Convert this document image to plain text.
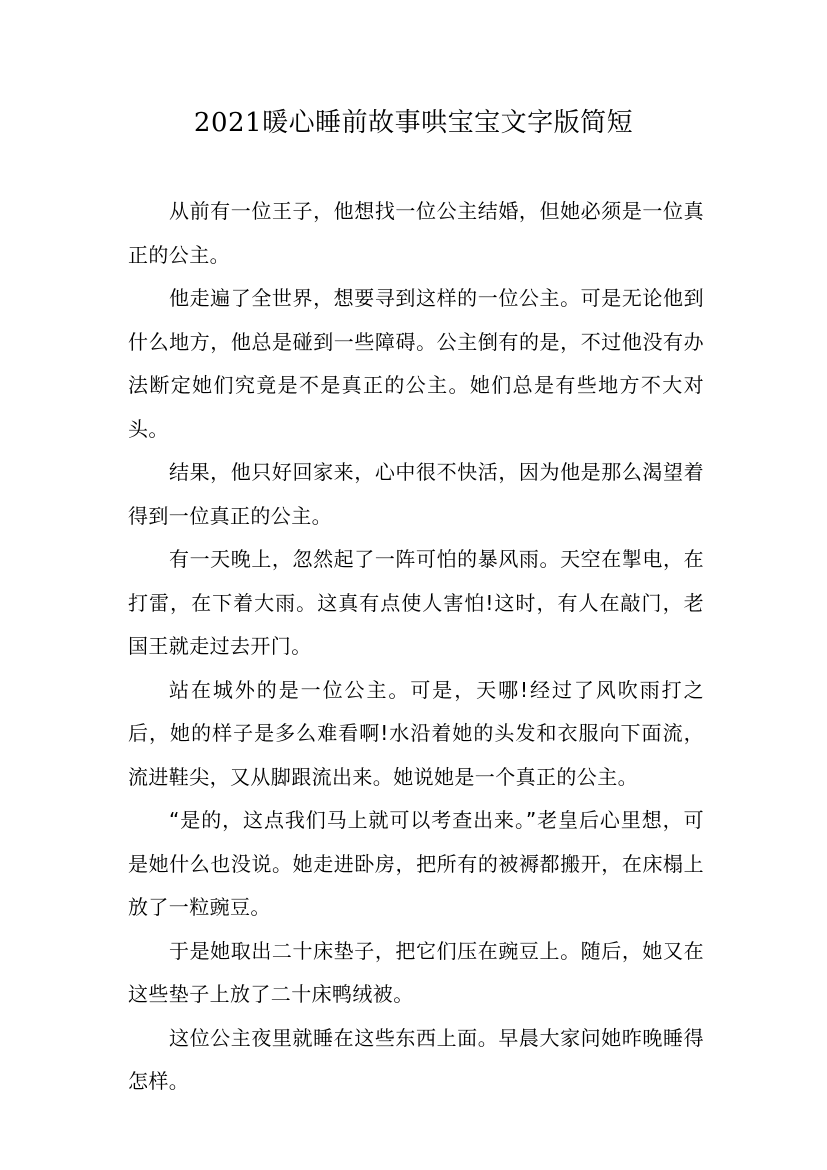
2021暖心睡前故事哄宝宝文字版简短

从前有一位王子，他想找一位公主结婚，但她必须是一位真正的公主。

他走遍了全世界，想要寻到这样的一位公主。可是无论他到什么地方，他总是碰到一些障碍。公主倒有的是，不过他没有办法断定她们究竟是不是真正的公主。她们总是有些地方不大对头。

结果，他只好回家来，心中很不快活，因为他是那么渴望着得到一位真正的公主。

有一天晚上，忽然起了一阵可怕的暴风雨。天空在掣电，在打雷，在下着大雨。这真有点使人害怕!这时，有人在敲门，老国王就走过去开门。

站在城外的是一位公主。可是，天哪!经过了风吹雨打之后，她的样子是多么难看啊!水沿着她的头发和衣服向下面流，流进鞋尖，又从脚跟流出来。她说她是一个真正的公主。

“是的，这点我们马上就可以考查出来。”老皇后心里想，可是她什么也没说。她走进卧房，把所有的被褥都搬开，在床榻上放了一粒豌豆。

于是她取出二十床垫子，把它们压在豌豆上。随后，她又在这些垫子上放了二十床鸭绒被。

这位公主夜里就睡在这些东西上面。早晨大家问她昨晚睡得怎样。
